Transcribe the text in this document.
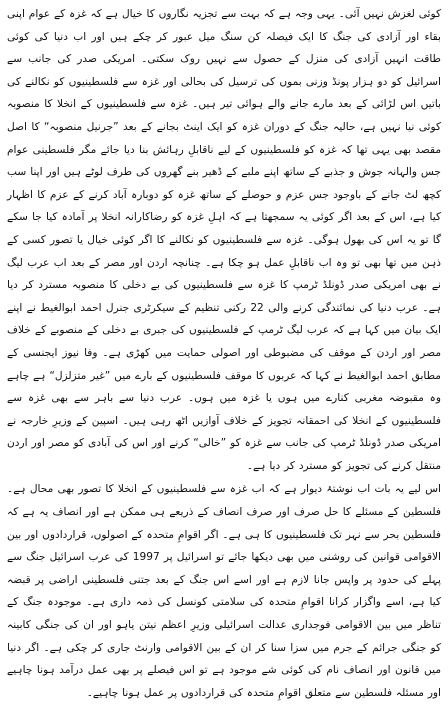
کوئی لغزش نہیں آئی۔ یہی وجہ ہے کہ بہت سے تجزیہ نگاروں کا خیال ہے کہ غزہ کے عوام اپنی بقاء اور آزادی کی جنگ کا ایک فیصلہ کن سنگ میل عبور کر چکے ہیں اور اب دنیا کی کوئی طاقت انہیں آزادی کی منزل کے حصول سے نہیں روک سکتی۔ امریکی صدر کی جانب سے اسرائیل کو دو ہزار پونڈ وزنی بموں کی ترسیل کی بحالی اور غزہ سے فلسطینیوں کو نکالنے کی باتیں اس لڑائی کے بعد مارے جانے والے ہوائی تیر ہیں۔ غزہ سے فلسطینیوں کے انخلا کا منصوبہ کوئی نیا نہیں ہے، حالیہ جنگ کے دوران غزہ کو ایک اینٹ بجانے کے بعد ”جرنیل منصوبہ“ کا اصل مقصد بھی یہی تھا کہ غزہ کو فلسطینیوں کے لیے ناقابلِ رہائش بنا دیا جائے مگر فلسطینی عوام جس والہانہ جوش و جذبے کے ساتھ اپنے ملبے کے ڈھیر بنے گھروں کی طرف لوٹے ہیں اور اپنا سب کچھ لٹ جانے کے باوجود جس عزم و حوصلے کے ساتھ غزہ کو دوبارہ آباد کرنے کے عزم کا اظہار کیا ہے، اس کے بعد اگر کوئی یہ سمجھتا ہے کہ اہلِ غزہ کو رضاکارانہ انخلا پر آمادہ کیا جا سکے گا تو یہ اس کی بھول ہوگی۔ غزہ سے فلسطینیوں کو نکالنے کا اگر کوئی خیال یا تصور کسی کے ذہن میں تھا بھی تو وہ اب ناقابلِ عمل ہو چکا ہے۔ چنانچہ اردن اور مصر کے بعد اب عرب لیگ نے بھی امریکی صدر ڈونلڈ ٹرمپ کا غزہ سے فلسطینیوں کی بے دخلی کا منصوبہ مسترد کر دیا ہے۔ عرب دنیا کی نمائندگی کرنے والی 22 رکنی تنظیم کے سیکرٹری جنرل احمد ابوالغیط نے اپنے ایک بیان میں کہا ہے کہ عرب لیگ ٹرمپ کے فلسطینیوں کی جبری بے دخلی کے منصوبے کے خلاف مصر اور اردن کے موقف کی مضبوطی اور اصولی حمایت میں کھڑی ہے۔ وفا نیوز ایجنسی کے مطابق احمد ابوالغیط نے کہا کہ عربوں کا موقف فلسطینیوں کے بارے میں ”غیر متزلزل“ ہے چاہے وہ مقبوضہ مغربی کنارے میں ہوں یا غزہ میں ہوں۔ عرب دنیا سے باہر سے بھی غزہ سے فلسطینیوں کے انخلا کی احمقانہ تجویز کے خلاف آوازیں اٹھ رہی ہیں۔ اسپین کے وزیرِ خارجہ نے امریکی صدر ڈونلڈ ٹرمپ کی جانب سے غزہ کو ”خالی“ کرنے اور اس کی آبادی کو مصر اور اردن منتقل کرنے کی تجویز کو مسترد کر دیا ہے۔

اس لیے یہ بات اب نوشتۂ دیوار ہے کہ اب غزہ سے فلسطینیوں کے انخلا کا تصور بھی محال ہے۔ فلسطین کے مسئلے کا حل صرف اور صرف انصاف کے ذریعے ہی ممکن ہے اور انصاف یہ ہے کہ فلسطین بحر سے نہر تک فلسطینیوں کا ہی ہے۔ اگر اقوامِ متحدہ کے اصولوں، قراردادوں اور بین الاقوامی قوانین کی روشنی میں بھی دیکھا جائے تو اسرائیل پر 1997 کی عرب اسرائیل جنگ سے پہلے کی حدود پر واپس جانا لازم ہے اور اسے اس جنگ کے بعد جتنی فلسطینی اراضی پر قبضہ کیا ہے، اسے واگزار کرانا اقوامِ متحدہ کی سلامتی کونسل کی ذمہ داری ہے۔ موجودہ جنگ کے تناظر میں بین الاقوامی فوجداری عدالت اسرائیلی وزیرِ اعظم نیتن یاہو اور ان کی جنگی کابینہ کو جنگی جرائم کے جرم میں سزا سنا کر ان کے بین الاقوامی وارنٹ جاری کر چکی ہے۔ اگر دنیا میں قانون اور انصاف نام کی کوئی شے موجود ہے تو اس فیصلے پر بھی عمل درآمد ہونا چاہیے اور مسئلہ فلسطین سے متعلق اقوامِ متحدہ کی قراردادوں پر عمل ہونا چاہیے۔
